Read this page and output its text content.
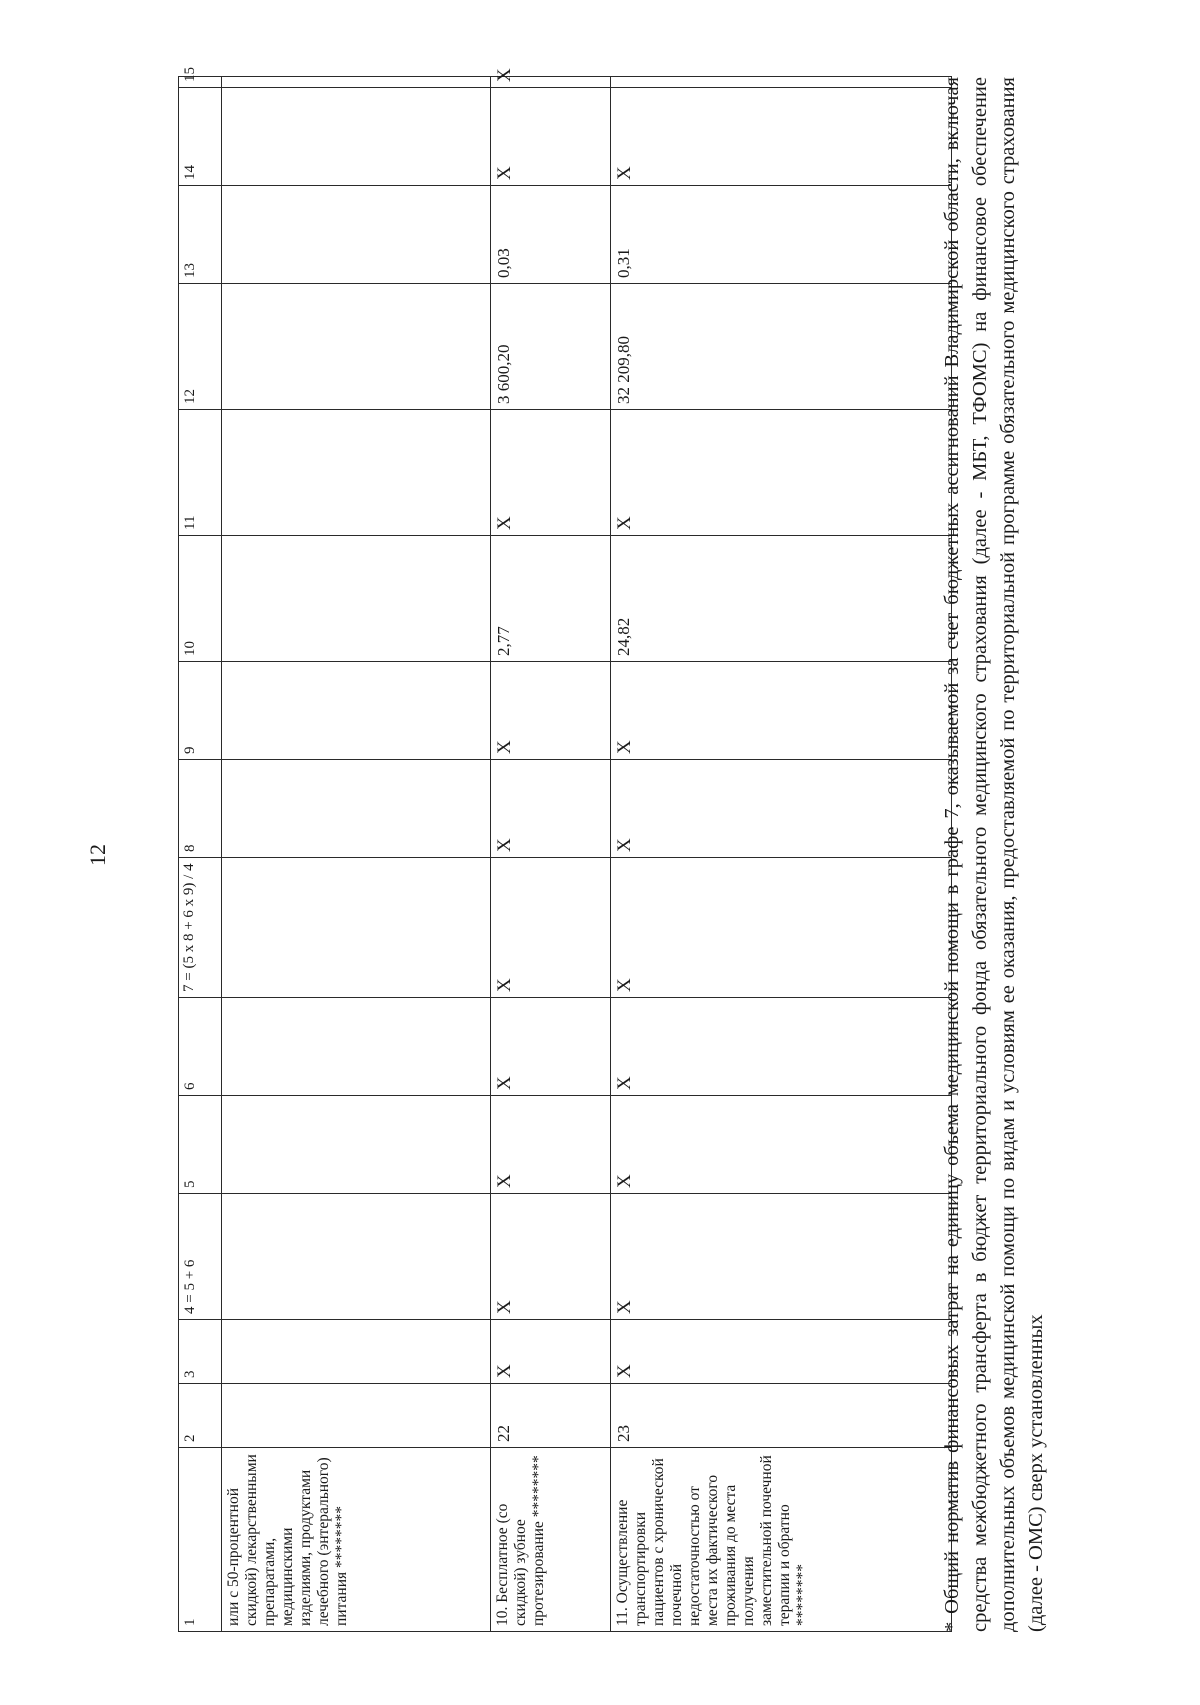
12
1	2	3	4 = 5 + 6	5	6	7 = (5 x 8 + 6 x 9) / 4	8	9	10	11	12	13	14	15
или с 50-процентной скидкой) лекарственными препаратами, медицинскими изделиями, продуктами лечебного (энтерального) питания ********														
10. Бесплатное (со скидкой) зубное протезирование ********	22	X	X	X	X	X	X	X	2,77	X	3 600,20	0,03	X	X
11. Осуществление транспортировки пациентов с хронической почечной недостаточностью от места их фактического проживания до места получения заместительной почечной терапии и обратно ********	23	X	X	X	X	X	X	X	24,82	X	32 209,80	0,31	X		* Общий норматив финансовых затрат на единицу объема медицинской помощи в графе 7, оказываемой за счет бюджетных ассигнований Владимирской области, включая средства межбюджетного трансферта в бюджет территориального фонда обязательного медицинского страхования (далее - МБТ, ТФОМС) на финансовое обеспечение дополнительных объемов медицинской помощи по видам и условиям ее оказания, предоставляемой по территориальной программе обязательного медицинского страхования (далее - ОМС) сверх установленных
